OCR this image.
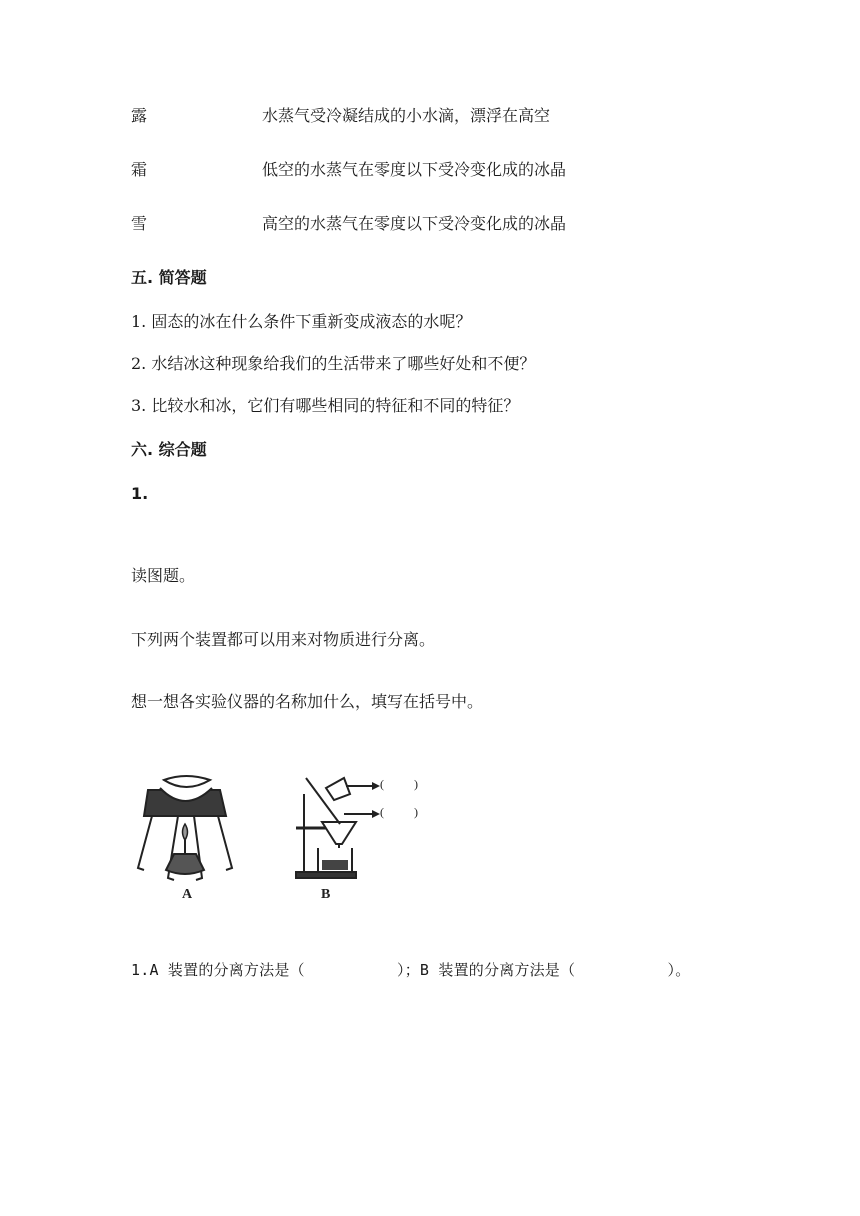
露	水蒸气受冷凝结成的小水滴，漂浮在高空
霜	低空的水蒸气在零度以下受冷变化成的冰晶
雪	高空的水蒸气在零度以下受冷变化成的冰晶
五. 简答题
1. 固态的冰在什么条件下重新变成液态的水呢？
2. 水结冰这种现象给我们的生活带来了哪些好处和不便？
3. 比较水和冰，它们有哪些相同的特征和不同的特征？
六. 综合题
1.
读图题。
下列两个装置都可以用来对物质进行分离。
想一想各实验仪器的名称加什么，填写在括号中。
A	B
(          )
(          )
1.A 装置的分离方法是（          ）；B 装置的分离方法是（          ）。
